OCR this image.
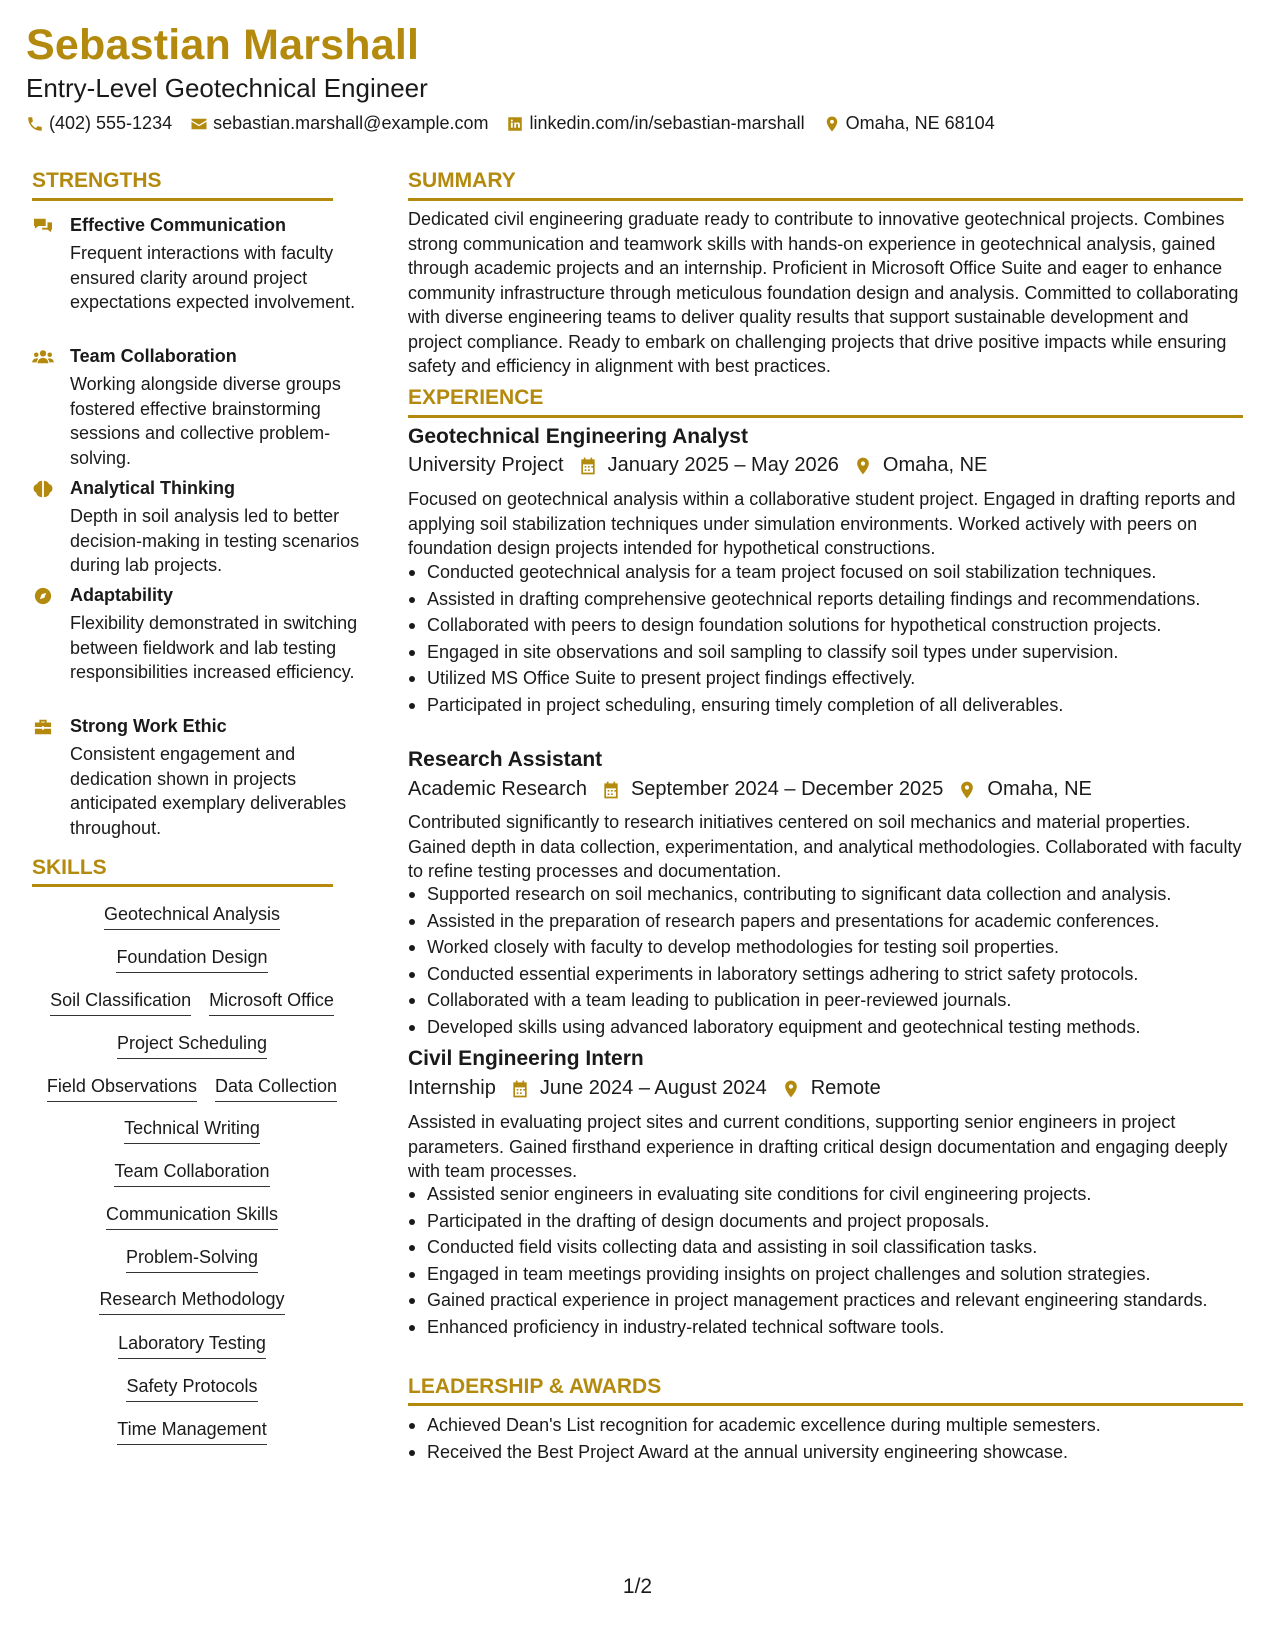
Sebastian Marshall
Entry-Level Geotechnical Engineer
(402) 555-1234 sebastian.marshall@example.com linkedin.com/in/sebastian-marshall Omaha, NE 68104
STRENGTHS
Effective Communication
Frequent interactions with faculty ensured clarity around project expectations expected involvement.
Team Collaboration
Working alongside diverse groups fostered effective brainstorming sessions and collective problem-solving.
Analytical Thinking
Depth in soil analysis led to better decision-making in testing scenarios during lab projects.
Adaptability
Flexibility demonstrated in switching between fieldwork and lab testing responsibilities increased efficiency.
Strong Work Ethic
Consistent engagement and dedication shown in projects anticipated exemplary deliverables throughout.
SKILLS
Geotechnical Analysis
Foundation Design
Soil Classification Microsoft Office
Project Scheduling
Field Observations Data Collection
Technical Writing
Team Collaboration
Communication Skills
Problem-Solving
Research Methodology
Laboratory Testing
Safety Protocols
Time Management
SUMMARY
Dedicated civil engineering graduate ready to contribute to innovative geotechnical projects. Combines strong communication and teamwork skills with hands-on experience in geotechnical analysis, gained through academic projects and an internship. Proficient in Microsoft Office Suite and eager to enhance community infrastructure through meticulous foundation design and analysis. Committed to collaborating with diverse engineering teams to deliver quality results that support sustainable development and project compliance. Ready to embark on challenging projects that drive positive impacts while ensuring safety and efficiency in alignment with best practices.
EXPERIENCE
Geotechnical Engineering Analyst
University Project January 2025 – May 2026 Omaha, NE
Focused on geotechnical analysis within a collaborative student project. Engaged in drafting reports and applying soil stabilization techniques under simulation environments. Worked actively with peers on foundation design projects intended for hypothetical constructions.
Conducted geotechnical analysis for a team project focused on soil stabilization techniques.
Assisted in drafting comprehensive geotechnical reports detailing findings and recommendations.
Collaborated with peers to design foundation solutions for hypothetical construction projects.
Engaged in site observations and soil sampling to classify soil types under supervision.
Utilized MS Office Suite to present project findings effectively.
Participated in project scheduling, ensuring timely completion of all deliverables.
Research Assistant
Academic Research September 2024 – December 2025 Omaha, NE
Contributed significantly to research initiatives centered on soil mechanics and material properties. Gained depth in data collection, experimentation, and analytical methodologies. Collaborated with faculty to refine testing processes and documentation.
Supported research on soil mechanics, contributing to significant data collection and analysis.
Assisted in the preparation of research papers and presentations for academic conferences.
Worked closely with faculty to develop methodologies for testing soil properties.
Conducted essential experiments in laboratory settings adhering to strict safety protocols.
Collaborated with a team leading to publication in peer-reviewed journals.
Developed skills using advanced laboratory equipment and geotechnical testing methods.
Civil Engineering Intern
Internship June 2024 – August 2024 Remote
Assisted in evaluating project sites and current conditions, supporting senior engineers in project parameters. Gained firsthand experience in drafting critical design documentation and engaging deeply with team processes.
Assisted senior engineers in evaluating site conditions for civil engineering projects.
Participated in the drafting of design documents and project proposals.
Conducted field visits collecting data and assisting in soil classification tasks.
Engaged in team meetings providing insights on project challenges and solution strategies.
Gained practical experience in project management practices and relevant engineering standards.
Enhanced proficiency in industry-related technical software tools.
LEADERSHIP & AWARDS
Achieved Dean's List recognition for academic excellence during multiple semesters.
Received the Best Project Award at the annual university engineering showcase.
1/2
